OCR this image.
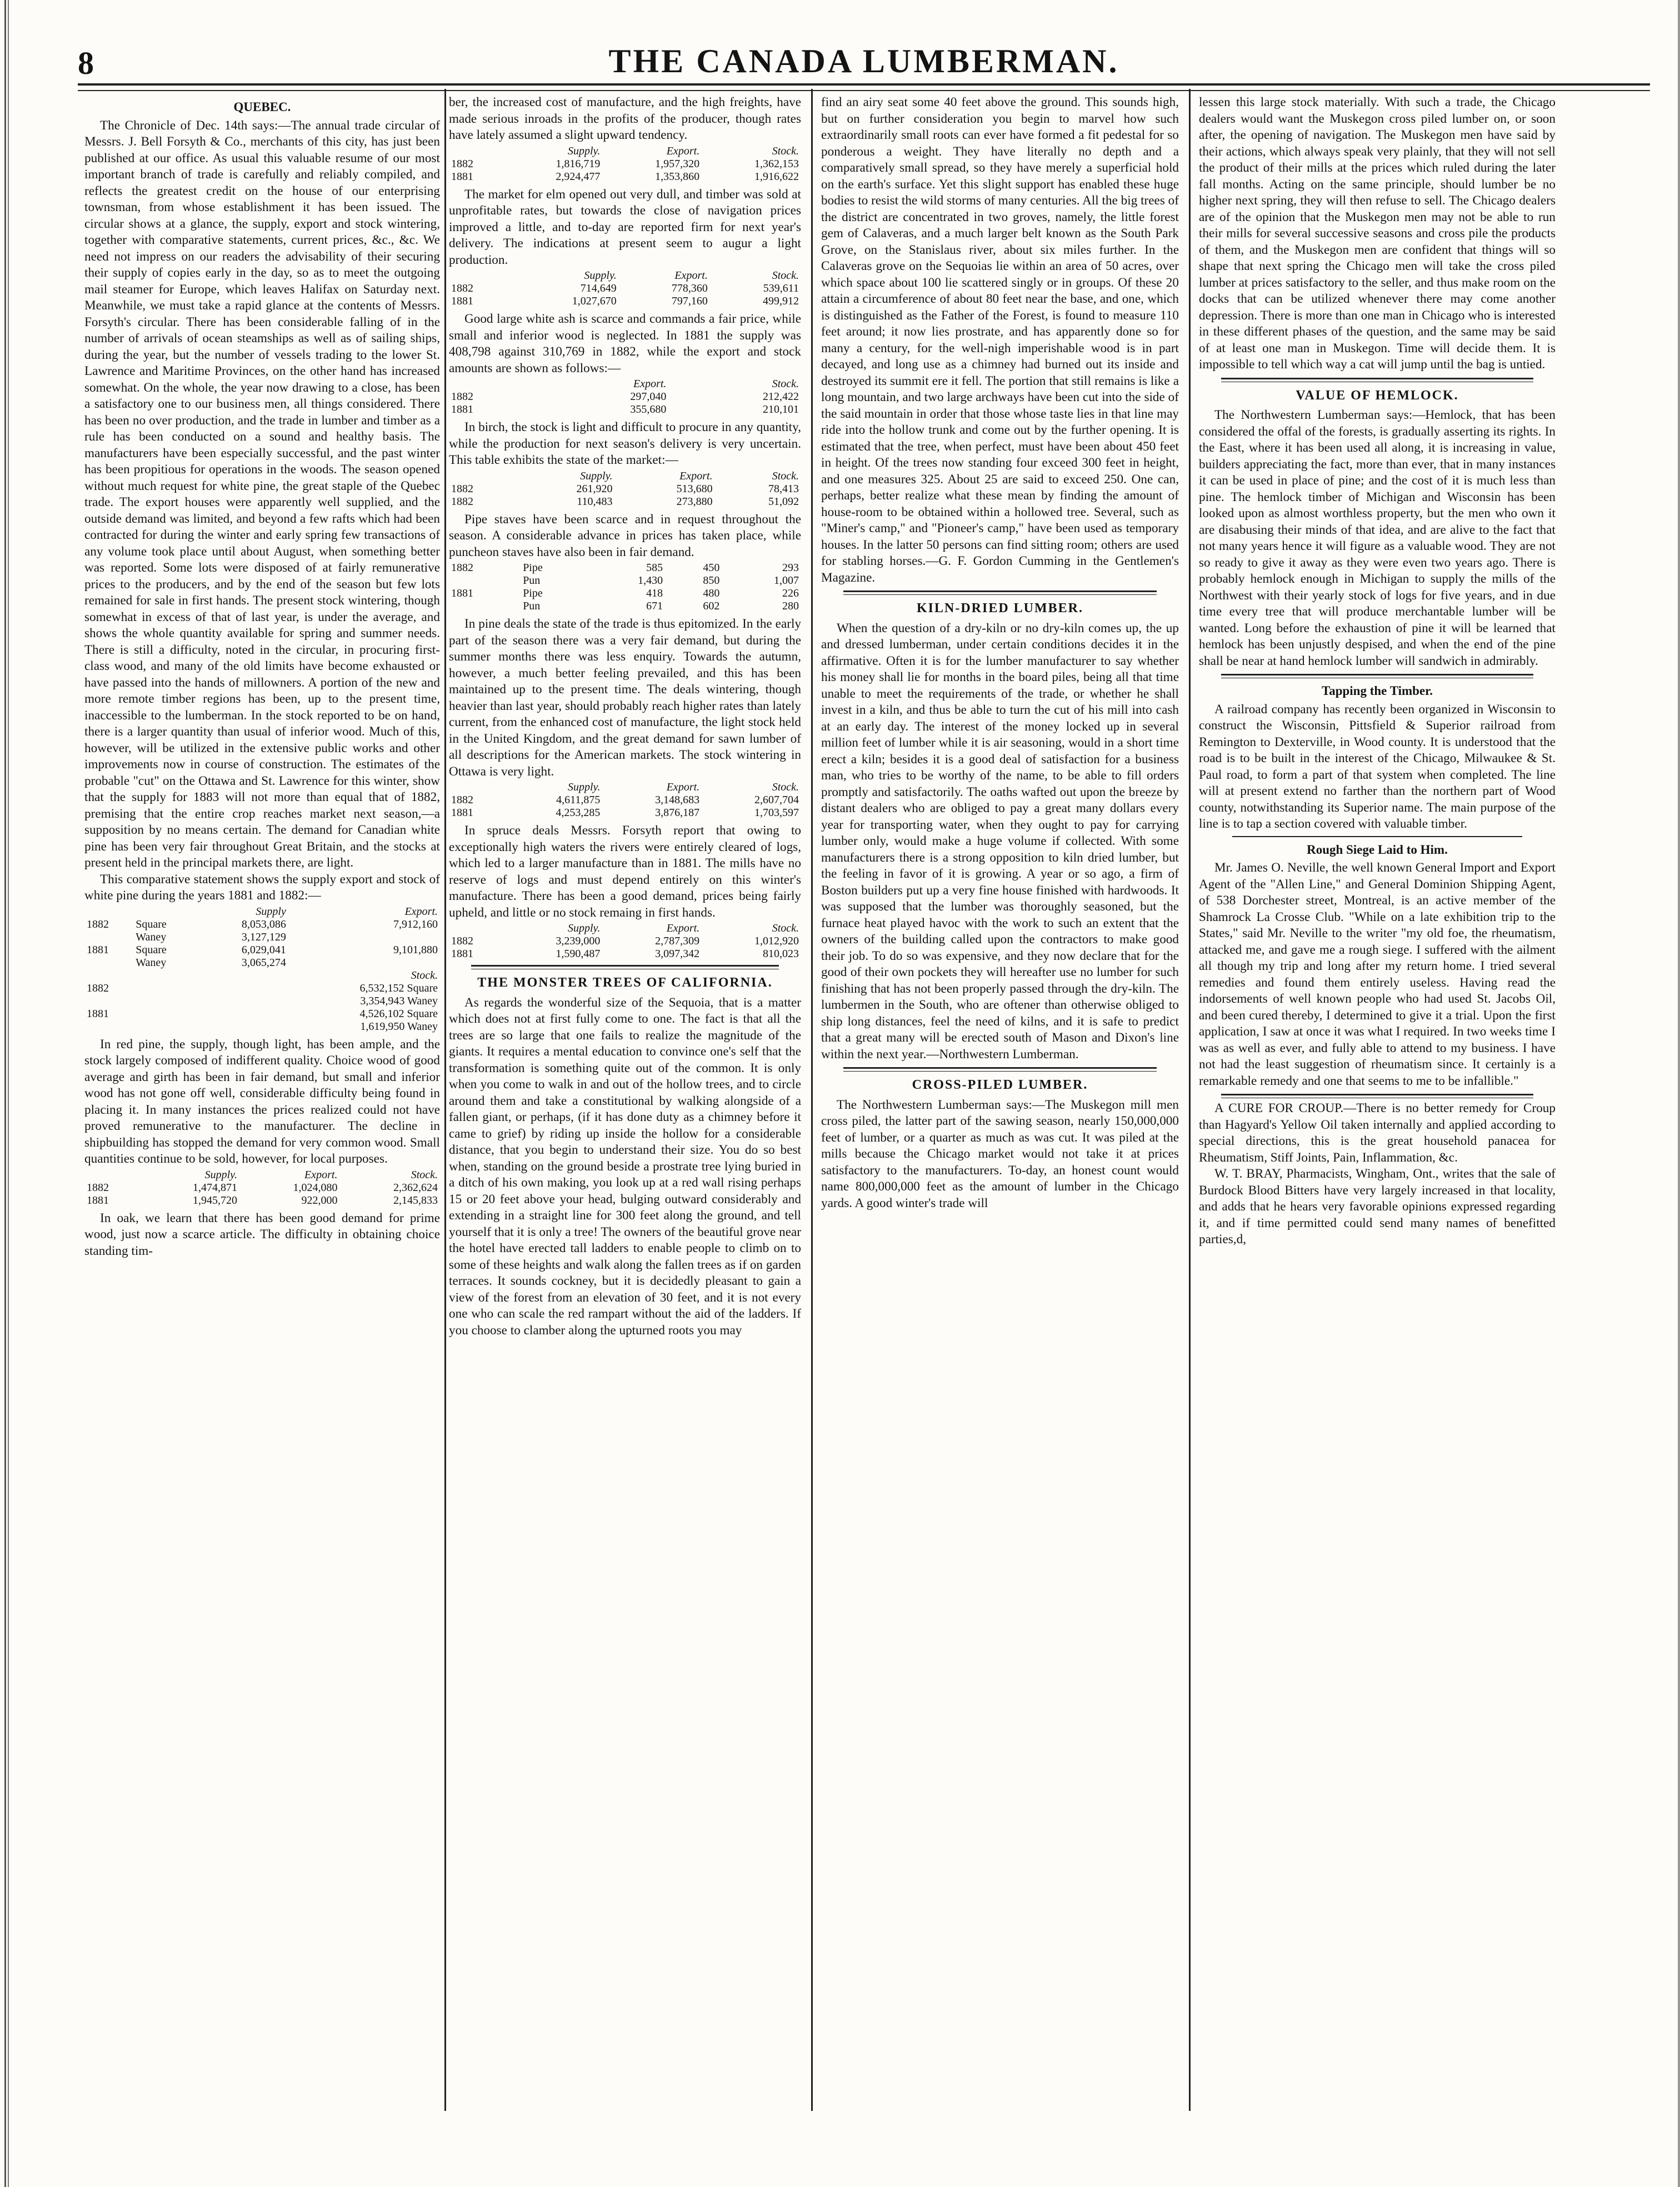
8	THE CANADA LUMBERMAN.
QUEBEC.

The Chronicle of Dec. 14th says:—The annual trade circular of Messrs. J. Bell Forsyth & Co., merchants of this city, has just been published at our office. As usual this valuable resume of our most important branch of trade is carefully and reliably compiled, and reflects the greatest credit on the house of our enterprising townsman, from whose establishment it has been issued. The circular shows at a glance, the supply, export and stock wintering, together with comparative statements, current prices, &c., &c. We need not impress on our readers the advisability of their securing their supply of copies early in the day, so as to meet the outgoing mail steamer for Europe, which leaves Halifax on Saturday next. Meanwhile, we must take a rapid glance at the contents of Messrs. Forsyth's circular. There has been considerable falling of in the number of arrivals of ocean steamships as well as of sailing ships, during the year, but the number of vessels trading to the lower St. Lawrence and Maritime Provinces, on the other hand has increased somewhat. On the whole, the year now drawing to a close, has been a satisfactory one to our business men, all things considered. There has been no over production, and the trade in lumber and timber as a rule has been conducted on a sound and healthy basis. The manufacturers have been especially successful, and the past winter has been propitious for operations in the woods. The season opened without much request for white pine, the great staple of the Quebec trade. The export houses were apparently well supplied, and the outside demand was limited, and beyond a few rafts which had been contracted for during the winter and early spring few transactions of any volume took place until about August, when something better was reported. Some lots were disposed of at fairly remunerative prices to the producers, and by the end of the season but few lots remained for sale in first hands. The present stock wintering, though somewhat in excess of that of last year, is under the average, and shows the whole quantity available for spring and summer needs. There is still a difficulty, noted in the circular, in procuring first-class wood, and many of the old limits have become exhausted or have passed into the hands of millowners. A portion of the new and more remote timber regions has been, up to the present time, inaccessible to the lumberman. In the stock reported to be on hand, there is a larger quantity than usual of inferior wood. Much of this, however, will be utilized in the extensive public works and other improvements now in course of construction. The estimates of the probable "cut" on the Ottawa and St. Lawrence for this winter, show that the supply for 1883 will not more than equal that of 1882, premising that the entire crop reaches market next season,—a supposition by no means certain. The demand for Canadian white pine has been very fair throughout Great Britain, and the stocks at present held in the principal markets there, are light.

This comparative statement shows the supply export and stock of white pine during the years 1881 and 1882:—

		Supply	Export.
1882	Square	8,053,086	7,912,160
	Waney	3,127,129	
1881	Square	6,029,041	9,101,880
	Waney	3,065,274	
			Stock.
1882			6,532,152 Square
			3,354,943 Waney
1881			4,526,102 Square
			1,619,950 Waney

In red pine, the supply, though light, has been ample, and the stock largely composed of indifferent quality. Choice wood of good average and girth has been in fair demand, but small and inferior wood has not gone off well, considerable difficulty being found in placing it. In many instances the prices realized could not have proved remunerative to the manufacturer. The decline in shipbuilding has stopped the demand for very common wood. Small quantities continue to be sold, however, for local purposes.

	Supply.	Export.	Stock.
1882	1,474,871	1,024,080	2,362,624
1881	1,945,720	922,000	2,145,833

In oak, we learn that there has been good demand for prime wood, just now a scarce article. The difficulty in obtaining choice standing tim-

ber, the increased cost of manufacture, and the high freights, have made serious inroads in the profits of the producer, though rates have lately assumed a slight upward tendency.

	Supply.	Export.	Stock.
1882	1,816,719	1,957,320	1,362,153
1881	2,924,477	1,353,860	1,916,622

The market for elm opened out very dull, and timber was sold at unprofitable rates, but towards the close of navigation prices improved a little, and to-day are reported firm for next year's delivery. The indications at present seem to augur a light production.

	Supply.	Export.	Stock.
1882	714,649	778,360	539,611
1881	1,027,670	797,160	499,912

Good large white ash is scarce and commands a fair price, while small and inferior wood is neglected. In 1881 the supply was 408,798 against 310,769 in 1882, while the export and stock amounts are shown as follows:—

	Export.	Stock.
1882	297,040	212,422
1881	355,680	210,101

In birch, the stock is light and difficult to procure in any quantity, while the production for next season's delivery is very uncertain. This table exhibits the state of the market:—

	Supply.	Export.	Stock.
1882	261,920	513,680	78,413
1882	110,483	273,880	51,092

Pipe staves have been scarce and in request throughout the season. A considerable advance in prices has taken place, while puncheon staves have also been in fair demand.

1882	Pipe	585	450	293
	Pun	1,430	850	1,007
1881	Pipe	418	480	226
	Pun	671	602	280

In pine deals the state of the trade is thus epitomized. In the early part of the season there was a very fair demand, but during the summer months there was less enquiry. Towards the autumn, however, a much better feeling prevailed, and this has been maintained up to the present time. The deals wintering, though heavier than last year, should probably reach higher rates than lately current, from the enhanced cost of manufacture, the light stock held in the United Kingdom, and the great demand for sawn lumber of all descriptions for the American markets. The stock wintering in Ottawa is very light.

	Supply.	Export.	Stock.
1882	4,611,875	3,148,683	2,607,704
1881	4,253,285	3,876,187	1,703,597

In spruce deals Messrs. Forsyth report that owing to exceptionally high waters the rivers were entirely cleared of logs, which led to a larger manufacture than in 1881. The mills have no reserve of logs and must depend entirely on this winter's manufacture. There has been a good demand, prices being fairly upheld, and little or no stock remaing in first hands.

	Supply.	Export.	Stock.
1882	3,239,000	2,787,309	1,012,920
1881	1,590,487	3,097,342	810,023
THE MONSTER TREES OF CALIFORNIA.

As regards the wonderful size of the Sequoia, that is a matter which does not at first fully come to one. The fact is that all the trees are so large that one fails to realize the magnitude of the giants. It requires a mental education to convince one's self that the transformation is something quite out of the common. It is only when you come to walk in and out of the hollow trees, and to circle around them and take a constitutional by walking alongside of a fallen giant, or perhaps, (if it has done duty as a chimney before it came to grief) by riding up inside the hollow for a considerable distance, that you begin to understand their size. You do so best when, standing on the ground beside a prostrate tree lying buried in a ditch of his own making, you look up at a red wall rising perhaps 15 or 20 feet above your head, bulging outward considerably and extending in a straight line for 300 feet along the ground, and tell yourself that it is only a tree! The owners of the beautiful grove near the hotel have erected tall ladders to enable people to climb on to some of these heights and walk along the fallen trees as if on garden terraces. It sounds cockney, but it is decidedly pleasant to gain a view of the forest from an elevation of 30 feet, and it is not every one who can scale the red rampart without the aid of the ladders. If you choose to clamber along the upturned roots you may

find an airy seat some 40 feet above the ground. This sounds high, but on further consideration you begin to marvel how such extraordinarily small roots can ever have formed a fit pedestal for so ponderous a weight. They have literally no depth and a comparatively small spread, so they have merely a superficial hold on the earth's surface. Yet this slight support has enabled these huge bodies to resist the wild storms of many centuries. All the big trees of the district are concentrated in two groves, namely, the little forest gem of Calaveras, and a much larger belt known as the South Park Grove, on the Stanislaus river, about six miles further. In the Calaveras grove on the Sequoias lie within an area of 50 acres, over which space about 100 lie scattered singly or in groups. Of these 20 attain a circumference of about 80 feet near the base, and one, which is distinguished as the Father of the Forest, is found to measure 110 feet around; it now lies prostrate, and has apparently done so for many a century, for the well-nigh imperishable wood is in part decayed, and long use as a chimney had burned out its inside and destroyed its summit ere it fell. The portion that still remains is like a long mountain, and two large archways have been cut into the side of the said mountain in order that those whose taste lies in that line may ride into the hollow trunk and come out by the further opening. It is estimated that the tree, when perfect, must have been about 450 feet in height. Of the trees now standing four exceed 300 feet in height, and one measures 325. About 25 are said to exceed 250. One can, perhaps, better realize what these mean by finding the amount of house-room to be obtained within a hollowed tree. Several, such as "Miner's camp," and "Pioneer's camp," have been used as temporary houses. In the latter 50 persons can find sitting room; others are used for stabling horses.—G. F. Gordon Cumming in the Gentlemen's Magazine.

KILN-DRIED LUMBER.

When the question of a dry-kiln or no dry-kiln comes up, the up and dressed lumberman, under certain conditions decides it in the affirmative. Often it is for the lumber manufacturer to say whether his money shall lie for months in the board piles, being all that time unable to meet the requirements of the trade, or whether he shall invest in a kiln, and thus be able to turn the cut of his mill into cash at an early day. The interest of the money locked up in several million feet of lumber while it is air seasoning, would in a short time erect a kiln; besides it is a good deal of satisfaction for a business man, who tries to be worthy of the name, to be able to fill orders promptly and satisfactorily. The oaths wafted out upon the breeze by distant dealers who are obliged to pay a great many dollars every year for transporting water, when they ought to pay for carrying lumber only, would make a huge volume if collected. With some manufacturers there is a strong opposition to kiln dried lumber, but the feeling in favor of it is growing. A year or so ago, a firm of Boston builders put up a very fine house finished with hardwoods. It was supposed that the lumber was thoroughly seasoned, but the furnace heat played havoc with the work to such an extent that the owners of the building called upon the contractors to make good their job. To do so was expensive, and they now declare that for the good of their own pockets they will hereafter use no lumber for such finishing that has not been properly passed through the dry-kiln. The lumbermen in the South, who are oftener than otherwise obliged to ship long distances, feel the need of kilns, and it is safe to predict that a great many will be erected south of Mason and Dixon's line within the next year.—Northwestern Lumberman.

CROSS-PILED LUMBER.

The Northwestern Lumberman says:—The Muskegon mill men cross piled, the latter part of the sawing season, nearly 150,000,000 feet of lumber, or a quarter as much as was cut. It was piled at the mills because the Chicago market would not take it at prices satisfactory to the manufacturers. To-day, an honest count would name 800,000,000 feet as the amount of lumber in the Chicago yards. A good winter's trade will

lessen this large stock materially. With such a trade, the Chicago dealers would want the Muskegon cross piled lumber on, or soon after, the opening of navigation. The Muskegon men have said by their actions, which always speak very plainly, that they will not sell the product of their mills at the prices which ruled during the later fall months. Acting on the same principle, should lumber be no higher next spring, they will then refuse to sell. The Chicago dealers are of the opinion that the Muskegon men may not be able to run their mills for several successive seasons and cross pile the products of them, and the Muskegon men are confident that things will so shape that next spring the Chicago men will take the cross piled lumber at prices satisfactory to the seller, and thus make room on the docks that can be utilized whenever there may come another depression. There is more than one man in Chicago who is interested in these different phases of the question, and the same may be said of at least one man in Muskegon. Time will decide them. It is impossible to tell which way a cat will jump until the bag is untied.

VALUE OF HEMLOCK.

The Northwestern Lumberman says:—Hemlock, that has been considered the offal of the forests, is gradually asserting its rights. In the East, where it has been used all along, it is increasing in value, builders appreciating the fact, more than ever, that in many instances it can be used in place of pine; and the cost of it is much less than pine. The hemlock timber of Michigan and Wisconsin has been looked upon as almost worthless property, but the men who own it are disabusing their minds of that idea, and are alive to the fact that not many years hence it will figure as a valuable wood. They are not so ready to give it away as they were even two years ago. There is probably hemlock enough in Michigan to supply the mills of the Northwest with their yearly stock of logs for five years, and in due time every tree that will produce merchantable lumber will be wanted. Long before the exhaustion of pine it will be learned that hemlock has been unjustly despised, and when the end of the pine shall be near at hand hemlock lumber will sandwich in admirably.

Tapping the Timber.

A railroad company has recently been organized in Wisconsin to construct the Wisconsin, Pittsfield & Superior railroad from Remington to Dexterville, in Wood county. It is understood that the road is to be built in the interest of the Chicago, Milwaukee & St. Paul road, to form a part of that system when completed. The line will at present extend no farther than the northern part of Wood county, notwithstanding its Superior name. The main purpose of the line is to tap a section covered with valuable timber.

Rough Siege Laid to Him.

Mr. James O. Neville, the well known General Import and Export Agent of the "Allen Line," and General Dominion Shipping Agent, of 538 Dorchester street, Montreal, is an active member of the Shamrock La Crosse Club. "While on a late exhibition trip to the States," said Mr. Neville to the writer "my old foe, the rheumatism, attacked me, and gave me a rough siege. I suffered with the ailment all though my trip and long after my return home. I tried several remedies and found them entirely useless. Having read the indorsements of well known people who had used St. Jacobs Oil, and been cured thereby, I determined to give it a trial. Upon the first application, I saw at once it was what I required. In two weeks time I was as well as ever, and fully able to attend to my business. I have not had the least suggestion of rheumatism since. It certainly is a remarkable remedy and one that seems to me to be infallible."

A CURE FOR CROUP.—There is no better remedy for Croup than Hagyard's Yellow Oil taken internally and applied according to special directions, this is the great household panacea for Rheumatism, Stiff Joints, Pain, Inflammation, &c.

W. T. BRAY, Pharmacists, Wingham, Ont., writes that the sale of Burdock Blood Bitters have very largely increased in that locality, and adds that he hears very favorable opinions expressed regarding it, and if time permitted could send many names of benefitted parties,d,
